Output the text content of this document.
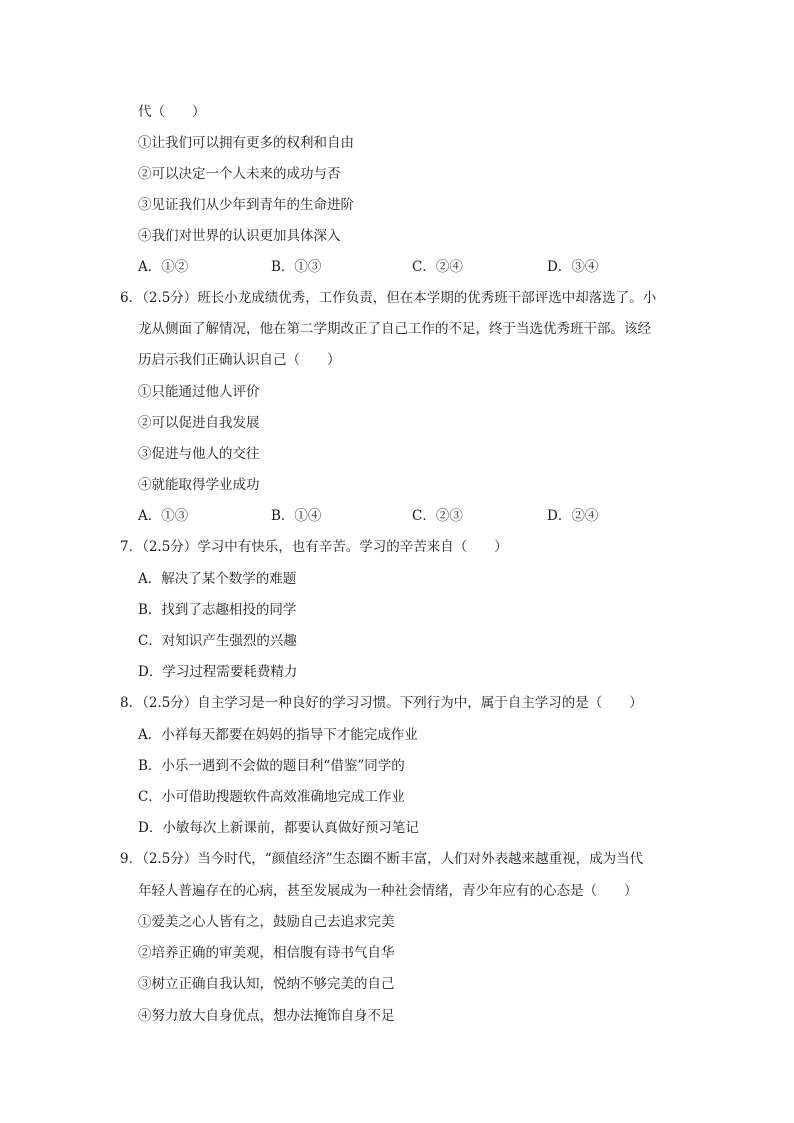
代（　　）
①让我们可以拥有更多的权利和自由
②可以决定一个人未来的成功与否
③见证我们从少年到青年的生命进阶
④我们对世界的认识更加具体深入
A．①②	B．①③	C．②④	D．③④
6．（2.5分）班长小龙成绩优秀，工作负责，但在本学期的优秀班干部评选中却落选了。小
龙从侧面了解情况，他在第二学期改正了自己工作的不足，终于当选优秀班干部。该经
历启示我们正确认识自己（　　）
①只能通过他人评价
②可以促进自我发展
③促进与他人的交往
④就能取得学业成功
A．①③	B．①④	C．②③	D．②④
7．（2.5分）学习中有快乐，也有辛苦。学习的辛苦来自（　　）
A．解决了某个数学的难题
B．找到了志趣相投的同学
C．对知识产生强烈的兴趣
D．学习过程需要耗费精力
8．（2.5分）自主学习是一种良好的学习习惯。下列行为中，属于自主学习的是（　　）
A．小祥每天都要在妈妈的指导下才能完成作业
B．小乐一遇到不会做的题目利“借鉴”同学的
C．小可借助搜题软件高效准确地完成工作业
D．小敏每次上新课前，都要认真做好预习笔记
9．（2.5分）当今时代，“颜值经济”生态圈不断丰富，人们对外表越来越重视，成为当代
年轻人普遍存在的心病，甚至发展成为一种社会情绪，青少年应有的心态是（　　）
①爱美之心人皆有之，鼓励自己去追求完美
②培养正确的审美观，相信腹有诗书气自华
③树立正确自我认知，悦纳不够完美的自己
④努力放大自身优点，想办法掩饰自身不足
